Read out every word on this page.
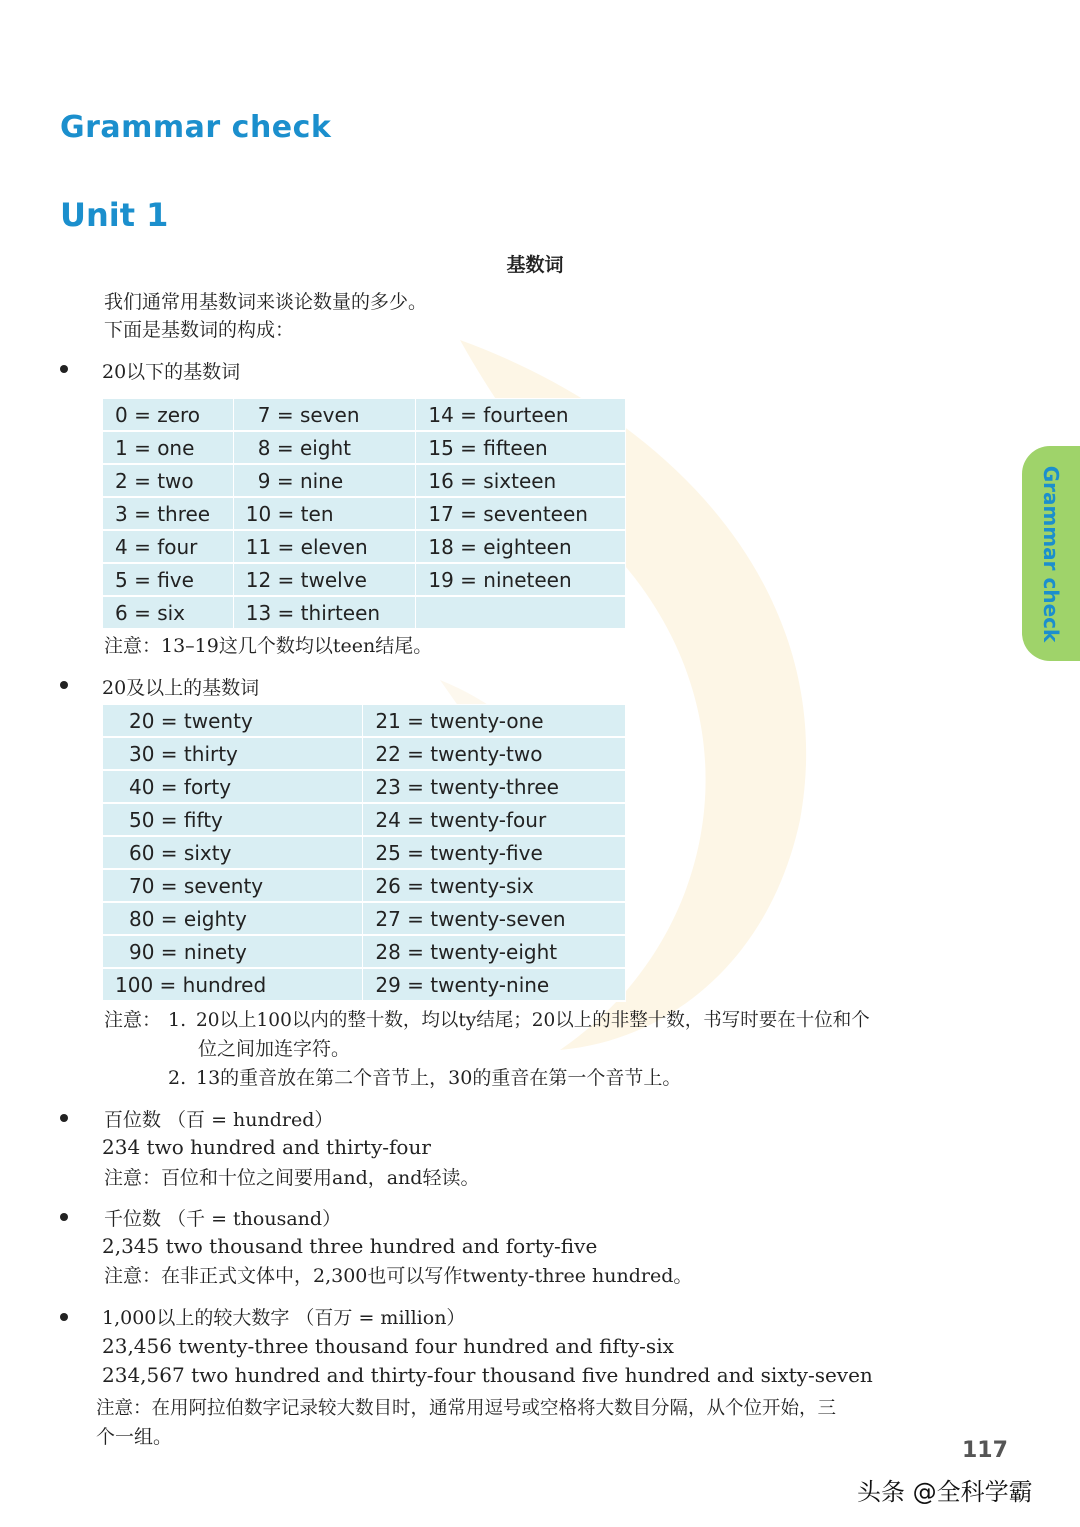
Grammar check
Unit 1
Grammar check
基数词
我们通常用基数词来谈论数量的多少。
下面是基数词的构成：
20以下的基数词
0 = zero	7 = seven	14 = fourteen
1 = one	8 = eight	15 = fifteen
2 = two	9 = nine	16 = sixteen
3 = three	10 = ten	17 = seventeen
4 = four	11 = eleven	18 = eighteen
5 = five	12 = twelve	19 = nineteen
6 = six	13 = thirteen	
注意：13–19这几个数均以teen结尾。
20及以上的基数词
20 = twenty	21 = twenty-one
30 = thirty	22 = twenty-two
40 = forty	23 = twenty-three
50 = fifty	24 = twenty-four
60 = sixty	25 = twenty-five
70 = seventy	26 = twenty-six
80 = eighty	27 = twenty-seven
90 = ninety	28 = twenty-eight
100 = hundred	29 = twenty-nine
注意： 1. 20以上100以内的整十数，均以ty结尾；20以上的非整十数，书写时要在十位和个
位之间加连字符。
2. 13的重音放在第二个音节上，30的重音在第一个音节上。
百位数 （百 = hundred）
234 two hundred and thirty-four
注意：百位和十位之间要用and，and轻读。
千位数 （千 = thousand）
2,345 two thousand three hundred and forty-five
注意：在非正式文体中，2,300也可以写作twenty-three hundred。
1,000以上的较大数字 （百万 = million）
23,456 twenty-three thousand four hundred and fifty-six
234,567 two hundred and thirty-four thousand five hundred and sixty-seven
注意：在用阿拉伯数字记录较大数目时，通常用逗号或空格将大数目分隔，从个位开始，三
个一组。
117
头条 @全科学霸
